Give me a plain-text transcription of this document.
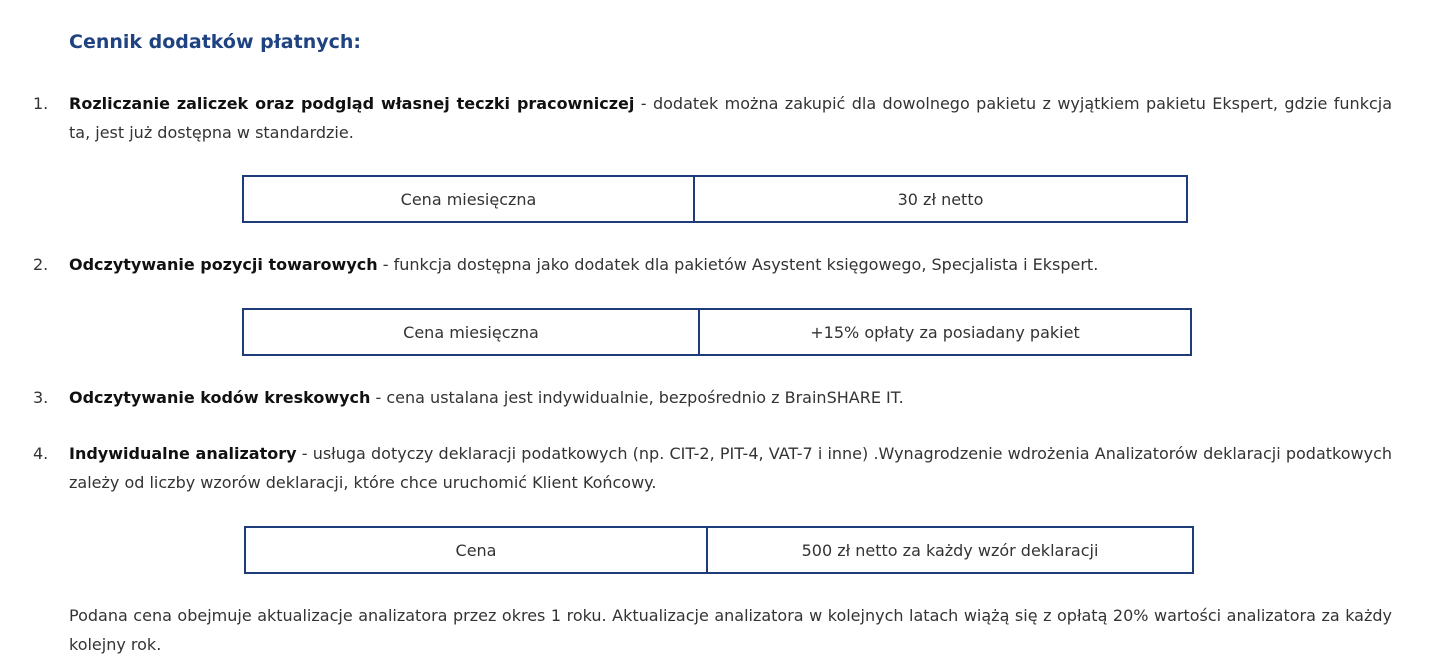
Cennik dodatków płatnych:
1.	Rozliczanie zaliczek oraz podgląd własnej teczki pracowniczej - dodatek można zakupić dla dowolnego pakietu z wyjątkiem pakietu Ekspert, gdzie funkcja ta, jest już dostępna w standardzie.
Cena miesięczna	30 zł netto
2.	Odczytywanie pozycji towarowych - funkcja dostępna jako dodatek dla pakietów Asystent księgowego, Specjalista i Ekspert.
Cena miesięczna	+15% opłaty za posiadany pakiet
3.	Odczytywanie kodów kreskowych - cena ustalana jest indywidualnie, bezpośrednio z BrainSHARE IT.
4.	Indywidualne analizatory - usługa dotyczy deklaracji podatkowych (np. CIT-2, PIT-4, VAT-7 i inne) .Wynagrodzenie wdrożenia Analizatorów deklaracji podatkowych zależy od liczby wzorów deklaracji, które chce uruchomić Klient Końcowy.
Cena	500 zł netto za każdy wzór deklaracji
Podana cena obejmuje aktualizacje analizatora przez okres 1 roku. Aktualizacje analizatora w kolejnych latach wiążą się z opłatą 20% wartości analizatora za każdy kolejny rok.
